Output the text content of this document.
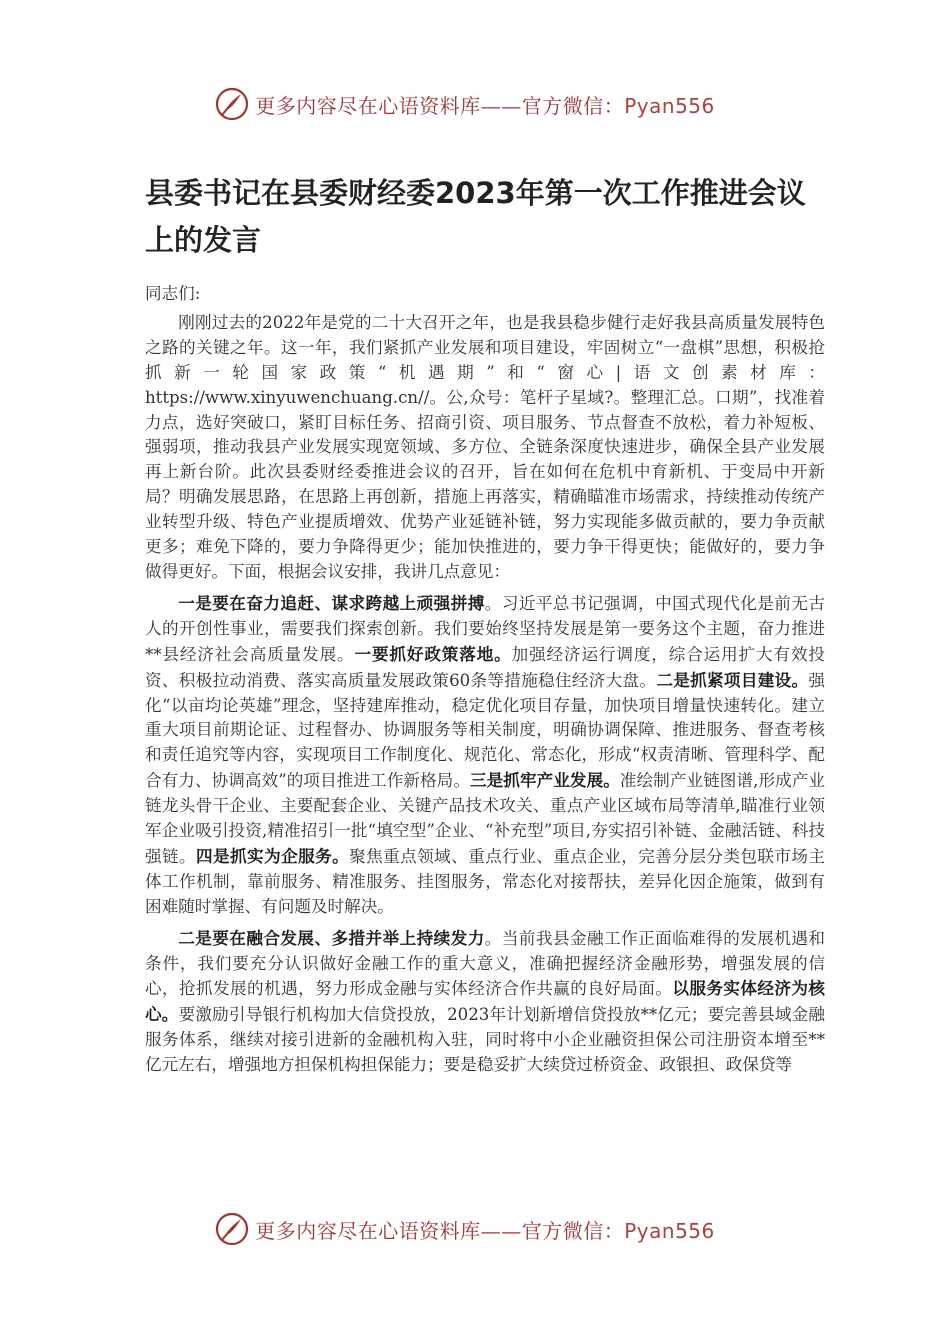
更多内容尽在心语资料库——官方微信：Pyan556
县委书记在县委财经委2023年第一次工作推进会议上的发言

同志们:

刚刚过去的2022年是党的二十大召开之年，也是我县稳步健行走好我县高质量发展特色之路的关键之年。这一年，我们紧抓产业发展和项目建设，牢固树立“一盘棋”思想，积极抢抓新一轮国家政策“机遇期”和“窗心|语文创素材库：https://www.xinyuwenchuang.cn//。公,众号：笔杆子星域?。整理汇总。口期”，找准着力点，选好突破口，紧盯目标任务、招商引资、项目服务、节点督查不放松，着力补短板、强弱项，推动我县产业发展实现宽领域、多方位、全链条深度快速进步，确保全县产业发展再上新台阶。此次县委财经委推进会议的召开，旨在如何在危机中育新机、于变局中开新局？明确发展思路，在思路上再创新，措施上再落实，精确瞄准市场需求，持续推动传统产业转型升级、特色产业提质增效、优势产业延链补链，努力实现能多做贡献的，要力争贡献更多；难免下降的，要力争降得更少；能加快推进的，要力争干得更快；能做好的，要力争做得更好。下面，根据会议安排，我讲几点意见：

一是要在奋力追赶、谋求跨越上顽强拼搏。习近平总书记强调，中国式现代化是前无古人的开创性事业，需要我们探索创新。我们要始终坚持发展是第一要务这个主题，奋力推进**县经济社会高质量发展。一要抓好政策落地。加强经济运行调度，综合运用扩大有效投资、积极拉动消费、落实高质量发展政策60条等措施稳住经济大盘。二是抓紧项目建设。强化“以亩均论英雄”理念，坚持建库推动，稳定优化项目存量，加快项目增量快速转化。建立重大项目前期论证、过程督办、协调服务等相关制度，明确协调保障、推进服务、督查考核和责任追究等内容，实现项目工作制度化、规范化、常态化，形成“权责清晰、管理科学、配合有力、协调高效”的项目推进工作新格局。三是抓牢产业发展。准绘制产业链图谱,形成产业链龙头骨干企业、主要配套企业、关键产品技术攻关、重点产业区域布局等清单,瞄准行业领军企业吸引投资,精准招引一批“填空型”企业、“补充型”项目,夯实招引补链、金融活链、科技强链。四是抓实为企服务。聚焦重点领域、重点行业、重点企业，完善分层分类包联市场主体工作机制，靠前服务、精准服务、挂图服务，常态化对接帮扶，差异化因企施策，做到有困难随时掌握、有问题及时解决。

二是要在融合发展、多措并举上持续发力。当前我县金融工作正面临难得的发展机遇和条件，我们要充分认识做好金融工作的重大意义，准确把握经济金融形势，增强发展的信心，抢抓发展的机遇，努力形成金融与实体经济合作共赢的良好局面。以服务实体经济为核心。要激励引导银行机构加大信贷投放，2023年计划新增信贷投放**亿元；要完善县域金融服务体系，继续对接引进新的金融机构入驻，同时将中小企业融资担保公司注册资本增至**亿元左右，增强地方担保机构担保能力；要是稳妥扩大续贷过桥资金、政银担、政保贷等

更多内容尽在心语资料库——官方微信：Pyan556
